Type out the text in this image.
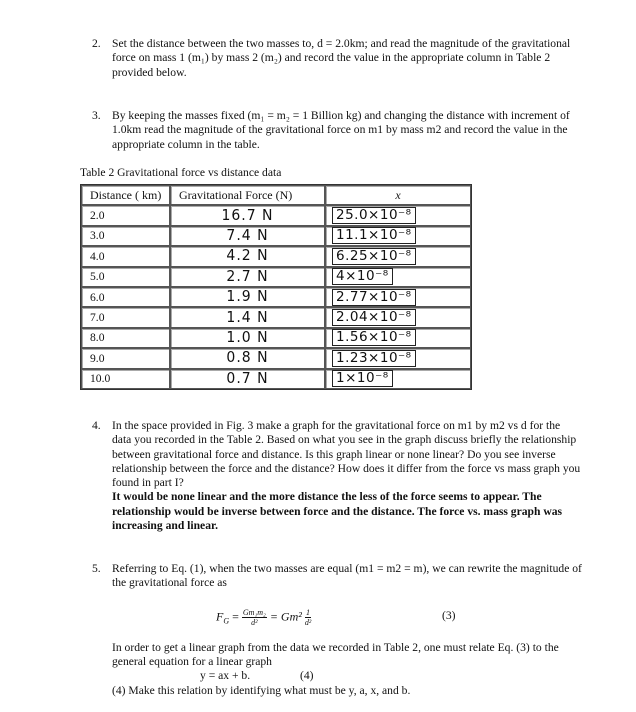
2. Set the distance between the two masses to, d = 2.0km; and read the magnitude of the gravitational force on mass 1 (m₁) by mass 2 (m₂) and record the value in the appropriate column in Table 2 provided below.
3. By keeping the masses fixed (m₁ = m₂ = 1 Billion kg) and changing the distance with increment of 1.0km read the magnitude of the gravitational force on m1 by mass m2 and record the value in the appropriate column in the table.
Table 2 Gravitational force vs distance data
Distance ( km)	Gravitational Force (N)	x
2.0	16.7 N	25.0×10⁻⁸
3.0	7.4 N	11.1×10⁻⁸
4.0	4.2 N	6.25×10⁻⁸
5.0	2.7 N	4×10⁻⁸
6.0	1.9 N	2.77×10⁻⁸
7.0	1.4 N	2.04×10⁻⁸
8.0	1.0 N	1.56×10⁻⁸
9.0	0.8 N	1.23×10⁻⁸
10.0	0.7 N	1×10⁻⁸
4. In the space provided in Fig. 3 make a graph for the gravitational force on m1 by m2 vs d for the data you recorded in the Table 2. Based on what you see in the graph discuss briefly the relationship between gravitational force and distance. Is this graph linear or none linear? Do you see inverse relationship between the force and the distance? How does it differ from the force vs mass graph you found in part I?
It would be none linear and the more distance the less of the force seems to appear. The relationship would be inverse between force and the distance. The force vs. mass graph was increasing and linear.
5. Referring to Eq. (1), when the two masses are equal (m1 = m2 = m), we can rewrite the magnitude of the gravitational force as
$F_G = \frac{\text{Gm₁m₂}}{\text{d²}} = Gm^2 \frac{1}{\text{d²}}$	(3)
In order to get a linear graph from the data we recorded in Table 2, one must relate Eq. (3) to the general equation for a linear graph
y = ax + b.	(4)
(4) Make this relation by identifying what must be y, a, x, and b.
